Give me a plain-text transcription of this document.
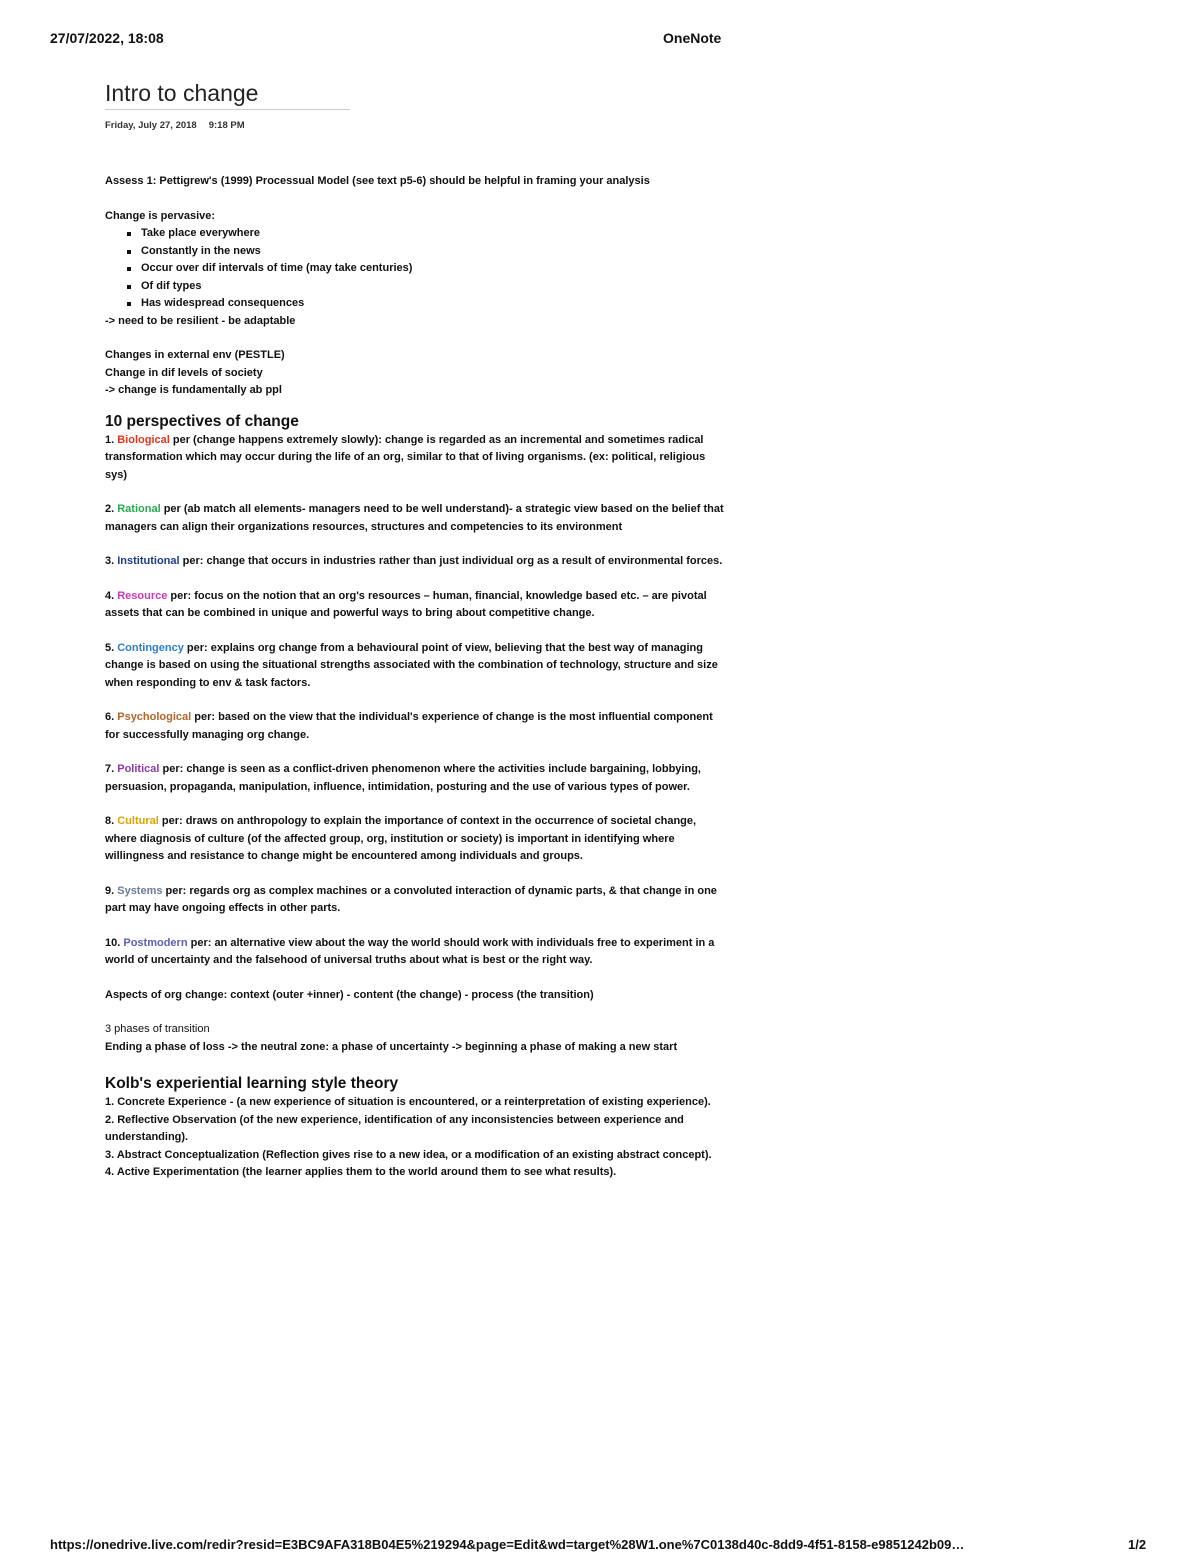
27/07/2022, 18:08	OneNote
Intro to change
Friday, July 27, 2018 9:18 PM

Assess 1: Pettigrew's (1999) Processual Model (see text p5-6) should be helpful in framing your analysis

Change is pervasive:

Take place everywhere
Constantly in the news
Occur over dif intervals of time (may take centuries)
Of dif types
Has widespread consequences

-> need to be resilient - be adaptable

Changes in external env (PESTLE)

Change in dif levels of society

-> change is fundamentally ab ppl

10 perspectives of change

1. Biological per (change happens extremely slowly): change is regarded as an incremental and sometimes radical transformation which may occur during the life of an org, similar to that of living organisms. (ex: political, religious sys)

2. Rational per (ab match all elements- managers need to be well understand)- a strategic view based on the belief that managers can align their organizations resources, structures and competencies to its environment

3. Institutional per: change that occurs in industries rather than just individual org as a result of environmental forces.

4. Resource per: focus on the notion that an org's resources – human, financial, knowledge based etc. – are pivotal assets that can be combined in unique and powerful ways to bring about competitive change.

5. Contingency per: explains org change from a behavioural point of view, believing that the best way of managing change is based on using the situational strengths associated with the combination of technology, structure and size when responding to env & task factors.

6. Psychological per: based on the view that the individual's experience of change is the most influential component for successfully managing org change.

7. Political per: change is seen as a conflict-driven phenomenon where the activities include bargaining, lobbying, persuasion, propaganda, manipulation, influence, intimidation, posturing and the use of various types of power.

8. Cultural per: draws on anthropology to explain the importance of context in the occurrence of societal change, where diagnosis of culture (of the affected group, org, institution or society) is important in identifying where willingness and resistance to change might be encountered among individuals and groups.

9. Systems per: regards org as complex machines or a convoluted interaction of dynamic parts, & that change in one part may have ongoing effects in other parts.

10. Postmodern per: an alternative view about the way the world should work with individuals free to experiment in a world of uncertainty and the falsehood of universal truths about what is best or the right way.

Aspects of org change: context (outer +inner) - content (the change) - process (the transition)

3 phases of transition

Ending a phase of loss -> the neutral zone: a phase of uncertainty -> beginning a phase of making a new start

Kolb's experiential learning style theory

1. Concrete Experience - (a new experience of situation is encountered, or a reinterpretation of existing experience).

2. Reflective Observation (of the new experience, identification of any inconsistencies between experience and understanding).

3. Abstract Conceptualization (Reflection gives rise to a new idea, or a modification of an existing abstract concept).

4. Active Experimentation (the learner applies them to the world around them to see what results).

https://onedrive.live.com/redir?resid=E3BC9AFA318B04E5%219294&page=Edit&wd=target%28W1.one%7C0138d40c-8dd9-4f51-8158-e9851242b09…	1/2
